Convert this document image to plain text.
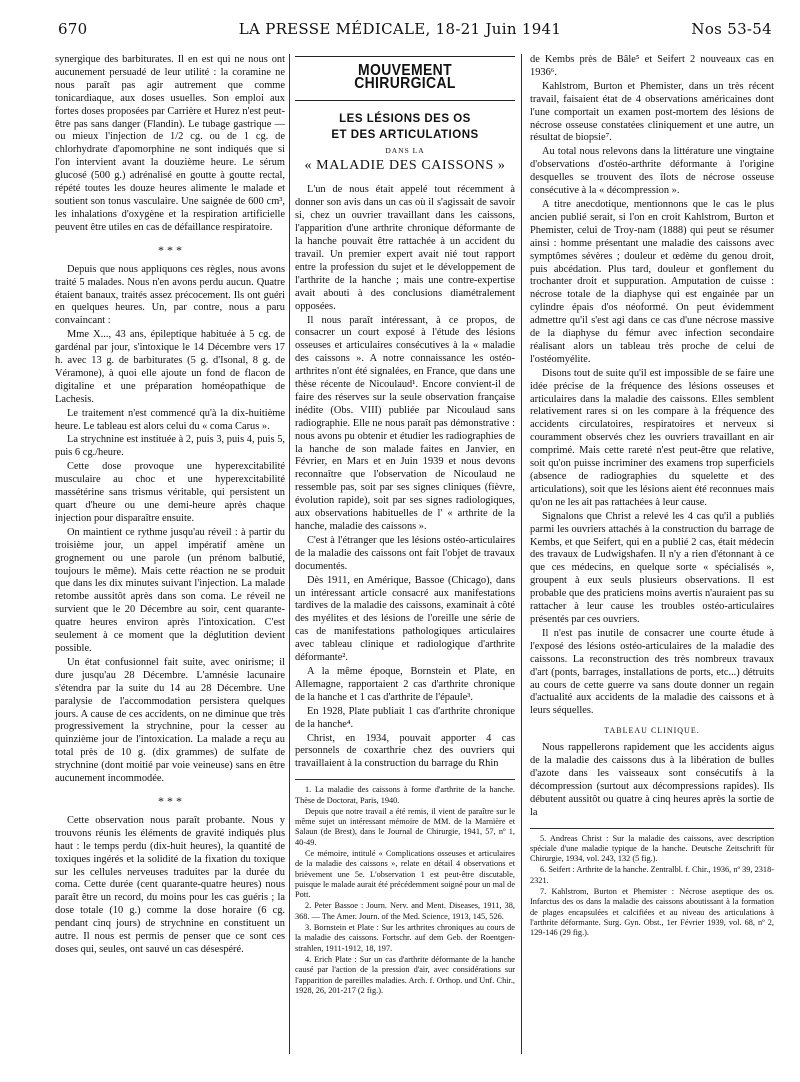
670	LA PRESSE MÉDICALE, 18-21 Juin 1941	Nos 53-54

synergique des barbiturates. Il en est qui ne nous ont aucunement persuadé de leur utilité : la coramine ne nous paraît pas agir autrement que comme tonicardiaque, aux doses usuelles. Son emploi aux fortes doses proposées par Carrière et Hurez n'est peut-être pas sans danger (Flandin). Le tubage gastrique — ou mieux l'injection de 1/2 cg. ou de 1 cg. de chlorhydrate d'apomorphine ne sont indiqués que si l'on intervient avant la douzième heure. Le sérum glucosé (500 g.) adrénalisé en goutte à goutte rectal, répété toutes les douze heures alimente le malade et soutient son tonus vasculaire. Une saignée de 600 cm³, les inhalations d'oxygène et la respiration artificielle peuvent être utiles en cas de défaillance respiratoire.

* * *

Depuis que nous appliquons ces règles, nous avons traité 5 malades. Nous n'en avons perdu aucun. Quatre étaient banaux, traités assez précocement. Ils ont guéri en quelques heures. Un, par contre, nous a paru convaincant :

Mme X..., 43 ans, épileptique habituée à 5 cg. de gardénal par jour, s'intoxique le 14 Décembre vers 17 h. avec 13 g. de barbiturates (5 g. d'Isonal, 8 g. de Véramone), à quoi elle ajoute un fond de flacon de digitaline et une préparation homéopathique de Lachesis.

Le traitement n'est commencé qu'à la dix-huitième heure. Le tableau est alors celui du « coma Carus ».

La strychnine est instituée à 2, puis 3, puis 4, puis 5, puis 6 cg./heure.

Cette dose provoque une hyperexcitabilité musculaire au choc et une hyperexcitabilité massétérine sans trismus véritable, qui persistent un quart d'heure ou une demi-heure après chaque injection pour disparaître ensuite.

On maintient ce rythme jusqu'au réveil : à partir du troisième jour, un appel impératif amène un grognement ou une parole (un prénom balbutié, toujours le même). Mais cette réaction ne se produit que dans les dix minutes suivant l'injection. La malade retombe aussitôt après dans son coma. Le réveil ne survient que le 20 Décembre au soir, cent quarante-quatre heures environ après l'intoxication. C'est seulement à ce moment que la déglutition devient possible.

Un état confusionnel fait suite, avec onirisme; il dure jusqu'au 28 Décembre. L'amnésie lacunaire s'étendra par la suite du 14 au 28 Décembre. Une paralysie de l'accommodation persistera quelques jours. A cause de ces accidents, on ne diminue que très progressivement la strychnine, pour la cesser au quinzième jour de l'intoxication. La malade a reçu au total près de 10 g. (dix grammes) de sulfate de strychnine (dont moitié par voie veineuse) sans en être aucunement incommodée.

* * *

Cette observation nous paraît probante. Nous y trouvons réunis les éléments de gravité indiqués plus haut : le temps perdu (dix-huit heures), la quantité de toxiques ingérés et la solidité de la fixation du toxique sur les cellules nerveuses traduites par la durée du coma. Cette durée (cent quarante-quatre heures) nous paraît être un record, du moins pour les cas guéris ; la dose totale (10 g.) comme la dose horaire (6 cg. pendant cinq jours) de strychnine en constituent un autre. Il nous est permis de penser que ce sont ces doses qui, seules, ont sauvé un cas désespéré.

MOUVEMENT CHIRURGICAL
LES LÉSIONS DES OS
ET DES ARTICULATIONS
DANS LA
« MALADIE DES CAISSONS »

L'un de nous était appelé tout récemment à donner son avis dans un cas où il s'agissait de savoir si, chez un ouvrier travaillant dans les caissons, l'apparition d'une arthrite chronique déformante de la hanche pouvait être rattachée à un accident du travail. Un premier expert avait nié tout rapport entre la profession du sujet et le développement de l'arthrite de la hanche ; mais une contre-expertise avait abouti à des conclusions diamétralement opposées.

Il nous paraît intéressant, à ce propos, de consacrer un court exposé à l'étude des lésions osseuses et articulaires consécutives à la « maladie des caissons ». A notre connaissance les ostéo-arthrites n'ont été signalées, en France, que dans une thèse récente de Nicoulaud¹. Encore convient-il de faire des réserves sur la seule observation française inédite (Obs. VIII) publiée par Nicoulaud sans radiographie. Elle ne nous paraît pas démonstrative : nous avons pu obtenir et étudier les radiographies de la hanche de son malade faites en Janvier, en Février, en Mars et en Juin 1939 et nous devons reconnaître que l'observation de Nicoulaud ne ressemble pas, soit par ses signes cliniques (fièvre, évolution rapide), soit par ses signes radiologiques, aux observations habituelles de l' « arthrite de la hanche, maladie des caissons ».

C'est à l'étranger que les lésions ostéo-articulaires de la maladie des caissons ont fait l'objet de travaux documentés.

Dès 1911, en Amérique, Bassoe (Chicago), dans un intéressant article consacré aux manifestations tardives de la maladie des caissons, examinait à côté des myélites et des lésions de l'oreille une série de cas de manifestations pathologiques articulaires avec tableau clinique et radiologique d'arthrite déformante².

A la même époque, Bornstein et Plate, en Allemagne, rapportaient 2 cas d'arthrite chronique de la hanche et 1 cas d'arthrite de l'épaule³.

En 1928, Plate publiait 1 cas d'arthrite chronique de la hanche⁴.

Christ, en 1934, pouvait apporter 4 cas personnels de coxarthrie chez des ouvriers qui travaillaient à la construction du barrage du Rhin

1. La maladie des caissons à forme d'arthrite de la hanche. Thèse de Doctorat, Paris, 1940.

Depuis que notre travail a été remis, il vient de paraître sur le même sujet un intéressant mémoire de MM. de la Marnière et Salaun (de Brest), dans le Journal de Chirurgie, 1941, 57, nº 1, 40-49.

Ce mémoire, intitulé « Complications osseuses et articulaires de la maladie des caissons », relate en détail 4 observations et brièvement une 5e. L'observation 1 est peut-être discutable, puisque le malade aurait été précédemment soigné pour un mal de Pott.

2. Peter Bassoe : Journ. Nerv. and Ment. Diseases, 1911, 38, 368. — The Amer. Journ. of the Med. Science, 1913, 145, 526.

3. Bornstein et Plate : Sur les arthrites chroniques au cours de la maladie des caissons. Fortschr. auf dem Geb. der Roentgen-strahlen, 1911-1912, 18, 197.

4. Erich Plate : Sur un cas d'arthrite déformante de la hanche causé par l'action de la pression d'air, avec considérations sur l'apparition de pareilles maladies. Arch. f. Orthop. und Unf. Chir., 1928, 26, 201-217 (2 fig.).

de Kembs près de Bâle⁵ et Seifert 2 nouveaux cas en 1936⁶.

Kahlstrom, Burton et Phemister, dans un très récent travail, faisaient état de 4 observations américaines dont l'une comportait un examen post-mortem des lésions de nécrose osseuse constatées cliniquement et une autre, un résultat de biopsie⁷.

Au total nous relevons dans la littérature une vingtaine d'observations d'ostéo-arthrite déformante à l'origine desquelles se trouvent des îlots de nécrose osseuse consécutive à la « décompression ».

A titre anecdotique, mentionnons que le cas le plus ancien publié serait, si l'on en croit Kahlstrom, Burton et Phemister, celui de Troy-nam (1888) qui peut se résumer ainsi : homme présentant une maladie des caissons avec symptômes sévères ; douleur et œdème du genou droit, puis abcédation. Plus tard, douleur et gonflement du trochanter droit et suppuration. Amputation de cuisse : nécrose totale de la diaphyse qui est engainée par un cylindre épais d'os néoformé. On peut évidemment admettre qu'il s'est agi dans ce cas d'une nécrose massive de la diaphyse du fémur avec infection secondaire réalisant alors un tableau très proche de celui de l'ostéomyélite.

Disons tout de suite qu'il est impossible de se faire une idée précise de la fréquence des lésions osseuses et articulaires dans la maladie des caissons. Elles semblent relativement rares si on les compare à la fréquence des accidents circulatoires, respiratoires et nerveux si couramment observés chez les ouvriers travaillant en air comprimé. Mais cette rareté n'est peut-être que relative, soit qu'on puisse incriminer des examens trop superficiels (absence de radiographies du squelette et des articulations), soit que les lésions aient été reconnues mais qu'on ne les ait pas rattachées à leur cause.

Signalons que Christ a relevé les 4 cas qu'il a publiés parmi les ouvriers attachés à la construction du barrage de Kembs, et que Seifert, qui en a publié 2 cas, était médecin des travaux de Ludwigshafen. Il n'y a rien d'étonnant à ce que ces médecins, en quelque sorte « spécialisés », groupent à eux seuls plusieurs observations. Il est probable que des praticiens moins avertis n'auraient pas su rattacher à leur cause les troubles ostéo-articulaires présentés par ces ouvriers.

Il n'est pas inutile de consacrer une courte étude à l'exposé des lésions ostéo-articulaires de la maladie des caissons. La reconstruction des très nombreux travaux d'art (ponts, barrages, installations de ports, etc...) détruits au cours de cette guerre va sans doute donner un regain d'actualité aux accidents de la maladie des caissons et à leurs séquelles.

TABLEAU CLINIQUE.

Nous rappellerons rapidement que les accidents aigus de la maladie des caissons dus à la libération de bulles d'azote dans les vaisseaux sont consécutifs à la décompression (surtout aux décompressions rapides). Ils débutent aussitôt ou quatre à cinq heures après la sortie de la

5. Andreas Christ : Sur la maladie des caissons, avec description spéciale d'une maladie typique de la hanche. Deutsche Zeitschrift für Chirurgie, 1934, vol. 243, 132 (5 fig.).

6. Seifert : Arthrite de la hanche. Zentralbl. f. Chir., 1936, nº 39, 2318-2321.

7. Kahlstrom, Burton et Phemister : Nécrose aseptique des os. Infarctus des os dans la maladie des caissons aboutissant à la formation de plages encapsulées et calcifiées et au niveau des articulations à l'arthrite déformante. Surg. Gyn. Obst., 1er Février 1939, vol. 68, nº 2, 129-146 (29 fig.).
